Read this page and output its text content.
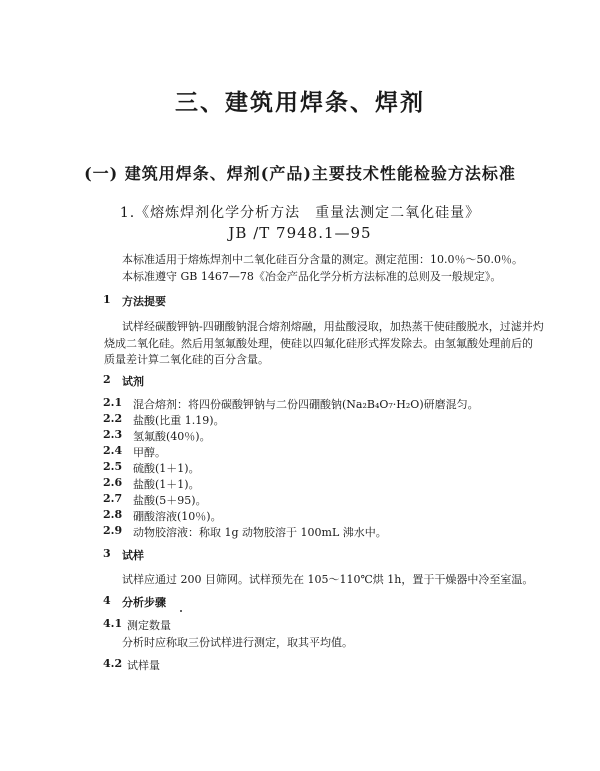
三、建筑用焊条、焊剂
(一) 建筑用焊条、焊剂(产品)主要技术性能检验方法标准
1.《熔炼焊剂化学分析方法　重量法测定二氧化硅量》
JB /T 7948.1—95
本标准适用于熔炼焊剂中二氧化硅百分含量的测定。测定范围：10.0％～50.0％。
本标准遵守 GB 1467—78《冶金产品化学分析方法标准的总则及一般规定》。
1 方法提要
试样经碳酸钾钠-四硼酸钠混合熔剂熔融，用盐酸浸取，加热蒸干使硅酸脱水，过滤并灼
烧成二氧化硅。然后用氢氟酸处理，使硅以四氟化硅形式挥发除去。由氢氟酸处理前后的
质量差计算二氧化硅的百分含量。
2 试剂
2.1 混合熔剂：将四份碳酸钾钠与二份四硼酸钠(Na₂B₄O₇·H₂O)研磨混匀。
2.2 盐酸(比重 1.19)。
2.3 氢氟酸(40％)。
2.4 甲醇。
2.5 硫酸(1＋1)。
2.6 盐酸(1＋1)。
2.7 盐酸(5＋95)。
2.8 硼酸溶液(10％)。
2.9 动物胶溶液：称取 1g 动物胶溶于 100mL 沸水中。
3 试样
试样应通过 200 目筛网。试样预先在 105～110℃烘 1h，置于干燥器中冷至室温。
4 分析步骤
4.1 测定数量
分析时应称取三份试样进行测定，取其平均值。
4.2 试样量
